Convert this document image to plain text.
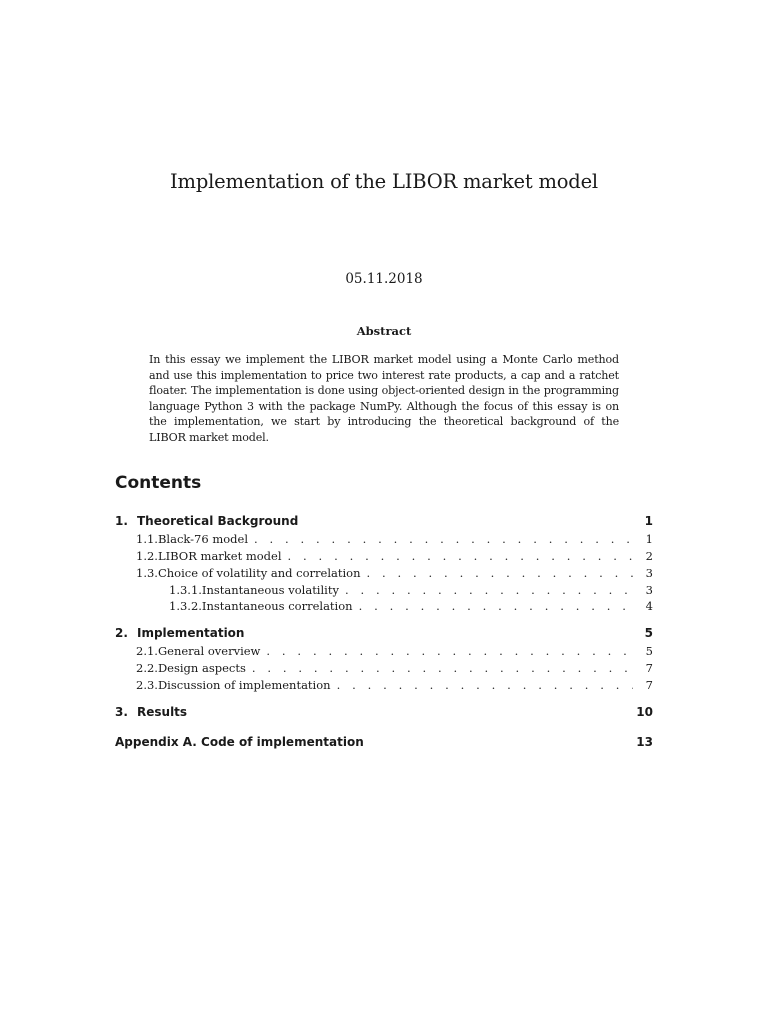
Implementation of the LIBOR market model
05.11.2018
Abstract
In this essay we implement the LIBOR market model using a Monte Carlo method and use this implementation to price two interest rate products, a cap and a ratchet floater. The implementation is done using object-oriented design in the programming language Python 3 with the package NumPy. Although the focus of this essay is on the implementation, we start by introducing the theoretical background of the LIBOR market model.
Contents
1. Theoretical Background	1
1.1. Black-76 model . . .	1
1.2. LIBOR market model . . .	2
1.3. Choice of volatility and correlation . . .	3
1.3.1. Instantaneous volatility . . .	3
1.3.2. Instantaneous correlation . . .	4
2. Implementation	5
2.1. General overview . . .	5
2.2. Design aspects . . .	7
2.3. Discussion of implementation . . .	7
3. Results	10
Appendix A. Code of implementation	13
